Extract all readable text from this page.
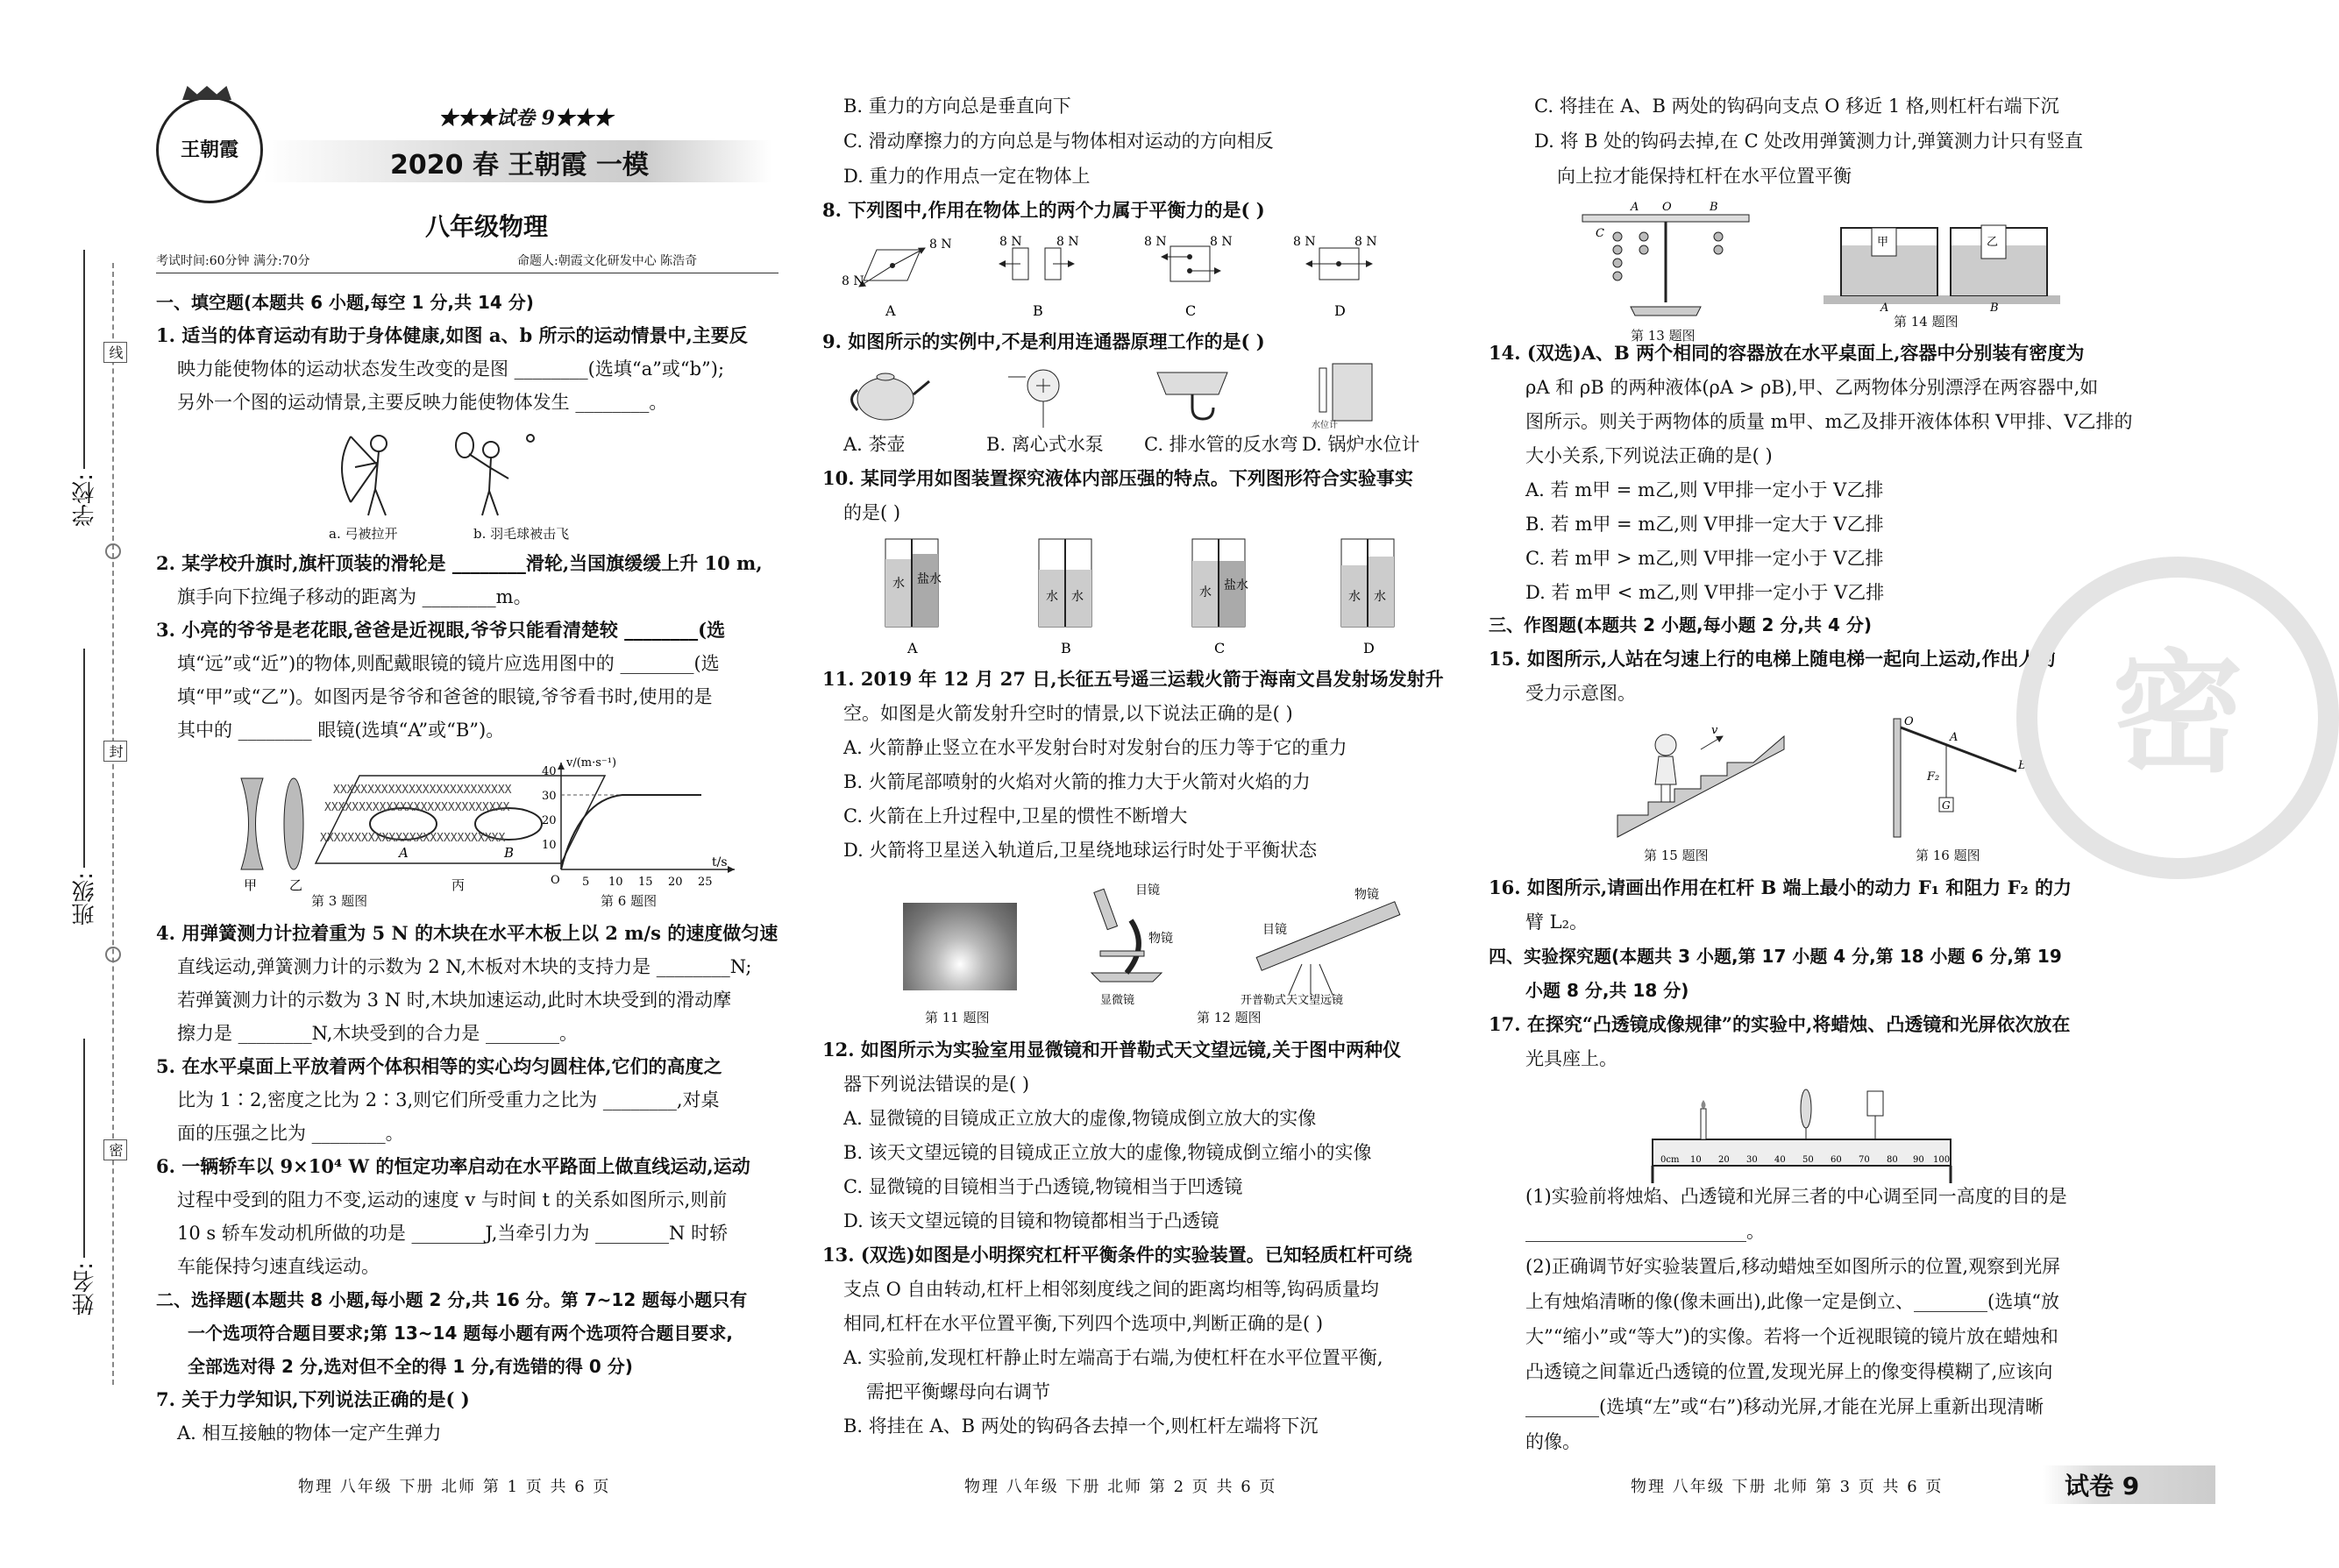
线
封
密
学校:
班级:
姓名:
王朝霞
★★★试卷 9★★★
2020 春 王朝霞 一模
八年级物理
考试时间:60分钟 满分:70分	命题人:朝霞文化研发中心 陈浩奇
一、填空题(本题共 6 小题,每空 1 分,共 14 分)
1. 适当的体育运动有助于身体健康,如图 a、b 所示的运动情景中,主要反
映力能使物体的运动状态发生改变的是图 ________(选填“a”或“b”);
另外一个图的运动情景,主要反映力能使物体发生 ________。
a. 弓被拉开	b. 羽毛球被击飞
2. 某学校升旗时,旗杆顶装的滑轮是 ________滑轮,当国旗缓缓上升 10 m,
旗手向下拉绳子移动的距离为 ________m。
3. 小亮的爷爷是老花眼,爸爸是近视眼,爷爷只能看清楚较 ________(选
填“远”或“近”)的物体,则配戴眼镜的镜片应选用图中的 ________(选
填“甲”或“乙”)。如图丙是爷爷和爸爸的眼镜,爷爷看书时,使用的是
其中的 ________ 眼镜(选填“A”或“B”)。
XXXXXXXXXXXXXXXXXXXXXXXXXX
XXXXXXXXXXXXXXXXXXXXXXXXXXX
XXXXXXXXXXXXXXXXXXXXXXXXXXX
甲 乙
A	B
丙
第 3 题图
v/(m·s⁻¹)
t/s
O
10
20
30
40
5 10 15 20 25
第 6 题图
4. 用弹簧测力计拉着重为 5 N 的木块在水平木板上以 2 m/s 的速度做匀速
直线运动,弹簧测力计的示数为 2 N,木板对木块的支持力是 ________N;
若弹簧测力计的示数为 3 N 时,木块加速运动,此时木块受到的滑动摩
擦力是 ________N,木块受到的合力是 ________。
5. 在水平桌面上平放着两个体积相等的实心均匀圆柱体,它们的高度之
比为 1∶2,密度之比为 2∶3,则它们所受重力之比为 ________,对桌
面的压强之比为 ________。
6. 一辆轿车以 9×10⁴ W 的恒定功率启动在水平路面上做直线运动,运动
过程中受到的阻力不变,运动的速度 v 与时间 t 的关系如图所示,则前
10 s 轿车发动机所做的功是 ________J,当牵引力为 ________N 时轿
车能保持匀速直线运动。
二、选择题(本题共 8 小题,每小题 2 分,共 16 分。第 7~12 题每小题只有
一个选项符合题目要求;第 13~14 题每小题有两个选项符合题目要求,
全部选对得 2 分,选对但不全的得 1 分,有选错的得 0 分)
7. 关于力学知识,下列说法正确的是( )
A. 相互接触的物体一定产生弹力
物理 八年级 下册 北师 第 1 页 共 6 页
B. 重力的方向总是垂直向下
C. 滑动摩擦力的方向总是与物体相对运动的方向相反
D. 重力的作用点一定在物体上
8. 下列图中,作用在物体上的两个力属于平衡力的是( )
8 N
8 N
8 N	8 N	8 N	8 N	8 N	8 N
A	B	C	D
9. 如图所示的实例中,不是利用连通器原理工作的是( )
水位计
A. 茶壶	B. 离心式水泵 C. 排水管的反水弯 D. 锅炉水位计
10. 某同学用如图装置探究液体内部压强的特点。下列图形符合实验事实
的是( )
水 盐水
水 水	水 盐水
水 水
A	B	C	D
11. 2019 年 12 月 27 日,长征五号遥三运载火箭于海南文昌发射场发射升
空。如图是火箭发射升空时的情景,以下说法正确的是( )
A. 火箭静止竖立在水平发射台时对发射台的压力等于它的重力
B. 火箭尾部喷射的火焰对火箭的推力大于火箭对火焰的力
C. 火箭在上升过程中,卫星的惯性不断增大
D. 火箭将卫星送入轨道后,卫星绕地球运行时处于平衡状态
第 11 题图
目镜
物镜
显微镜
物镜
目镜
开普勒式天文望远镜
第 12 题图
12. 如图所示为实验室用显微镜和开普勒式天文望远镜,关于图中两种仪
器下列说法错误的是( )
A. 显微镜的目镜成正立放大的虚像,物镜成倒立放大的实像
B. 该天文望远镜的目镜成正立放大的虚像,物镜成倒立缩小的实像
C. 显微镜的目镜相当于凸透镜,物镜相当于凹透镜
D. 该天文望远镜的目镜和物镜都相当于凸透镜
13. (双选)如图是小明探究杠杆平衡条件的实验装置。已知轻质杠杆可绕
支点 O 自由转动,杠杆上相邻刻度线之间的距离均相等,钩码质量均
相同,杠杆在水平位置平衡,下列四个选项中,判断正确的是( )
A. 实验前,发现杠杆静止时左端高于右端,为使杠杆在水平位置平衡,
需把平衡螺母向右调节
B. 将挂在 A、B 两处的钩码各去掉一个,则杠杆左端将下沉
物理 八年级 下册 北师 第 2 页 共 6 页
C. 将挂在 A、B 两处的钩码向支点 O 移近 1 格,则杠杆右端下沉
D. 将 B 处的钩码去掉,在 C 处改用弹簧测力计,弹簧测力计只有竖直
向上拉才能保持杠杆在水平位置平衡
A O	B
C
第 13 题图
甲	乙
A	B
第 14 题图
14. (双选)A、B 两个相同的容器放在水平桌面上,容器中分别装有密度为
ρA 和 ρB 的两种液体(ρA > ρB),甲、乙两物体分别漂浮在两容器中,如
图所示。则关于两物体的质量 m甲、m乙及排开液体体积 V甲排、V乙排的
大小关系,下列说法正确的是( )
A. 若 m甲 = m乙,则 V甲排一定小于 V乙排
B. 若 m甲 = m乙,则 V甲排一定大于 V乙排
C. 若 m甲 > m乙,则 V甲排一定小于 V乙排
D. 若 m甲 < m乙,则 V甲排一定小于 V乙排
三、作图题(本题共 2 小题,每小题 2 分,共 4 分)
15. 如图所示,人站在匀速上行的电梯上随电梯一起向上运动,作出人的
受力示意图。
v
第 15 题图
O
A
B
F₂
G
第 16 题图
密
16. 如图所示,请画出作用在杠杆 B 端上最小的动力 F₁ 和阻力 F₂ 的力
臂 L₂。
四、实验探究题(本题共 3 小题,第 17 小题 4 分,第 18 小题 6 分,第 19
小题 8 分,共 18 分)
17. 在探究“凸透镜成像规律”的实验中,将蜡烛、凸透镜和光屏依次放在
光具座上。
0cm 10 20 30 40 50 60 70 80 90 100
(1)实验前将烛焰、凸透镜和光屏三者的中心调至同一高度的目的是
________________________。
(2)正确调节好实验装置后,移动蜡烛至如图所示的位置,观察到光屏
上有烛焰清晰的像(像未画出),此像一定是倒立、________(选填“放
大”“缩小”或“等大”)的实像。若将一个近视眼镜的镜片放在蜡烛和
凸透镜之间靠近凸透镜的位置,发现光屏上的像变得模糊了,应该向
________(选填“左”或“右”)移动光屏,才能在光屏上重新出现清晰
的像。
物理 八年级 下册 北师 第 3 页 共 6 页	试卷 9
